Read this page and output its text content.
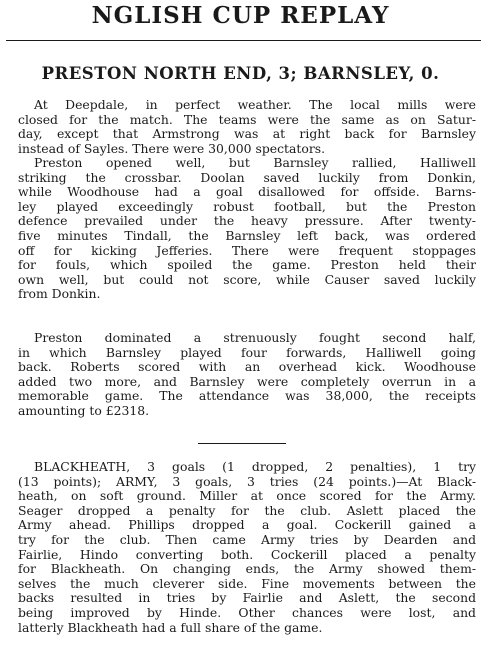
NGLISH CUP REPLAY
PRESTON NORTH END, 3; BARNSLEY, 0.
At Deepdale, in perfect weather. The local mills were
closed for the match. The teams were the same as on Satur-
day, except that Armstrong was at right back for Barnsley
instead of Sayles. There were 30,000 spectators.
Preston opened well, but Barnsley rallied, Halliwell
striking the crossbar. Doolan saved luckily from Donkin,
while Woodhouse had a goal disallowed for offside. Barns-
ley played exceedingly robust football, but the Preston
defence prevailed under the heavy pressure. After twenty-
five minutes Tindall, the Barnsley left back, was ordered
off for kicking Jefferies. There were frequent stoppages
for fouls, which spoiled the game. Preston held their
own well, but could not score, while Causer saved luckily
from Donkin.
Preston dominated a strenuously fought second half,
in which Barnsley played four forwards, Halliwell going
back. Roberts scored with an overhead kick. Woodhouse
added two more, and Barnsley were completely overrun in a
memorable game. The attendance was 38,000, the receipts
amounting to £2318.
BLACKHEATH, 3 goals (1 dropped, 2 penalties), 1 try
(13 points); ARMY, 3 goals, 3 tries (24 points.)—At Black-
heath, on soft ground. Miller at once scored for the Army.
Seager dropped a penalty for the club. Aslett placed the
Army ahead. Phillips dropped a goal. Cockerill gained a
try for the club. Then came Army tries by Dearden and
Fairlie, Hindo converting both. Cockerill placed a penalty
for Blackheath. On changing ends, the Army showed them-
selves the much cleverer side. Fine movements between the
backs resulted in tries by Fairlie and Aslett, the second
being improved by Hinde. Other chances were lost, and
latterly Blackheath had a full share of the game.
